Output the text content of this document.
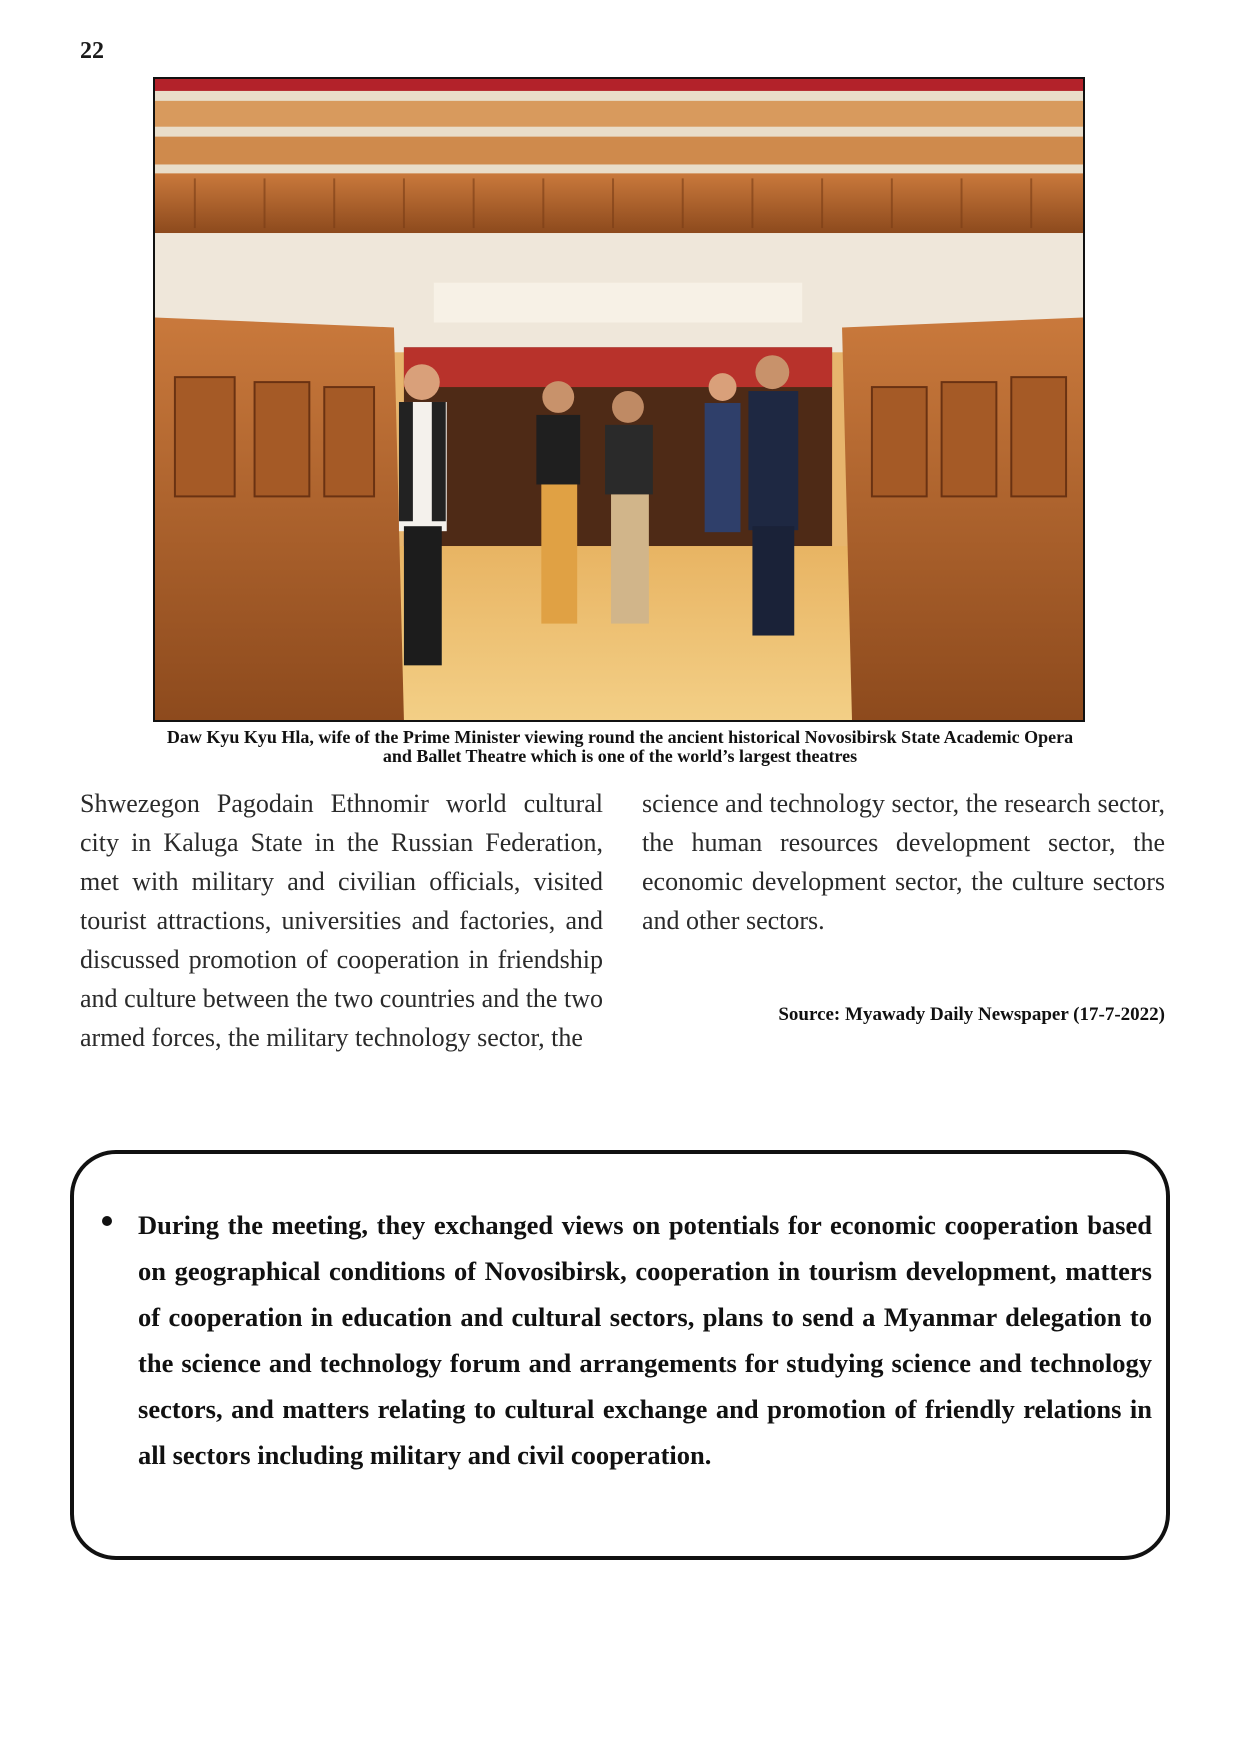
22
Daw Kyu Kyu Hla, wife of the Prime Minister viewing round the ancient historical Novosibirsk State Academic Opera
and Ballet Theatre which is one of the world’s largest theatres
Shwezegon Pagodain Ethnomir world cultural city in Kaluga State in the Russian Federation, met with military and civilian officials, visited tourist attractions, universities and factories, and discussed promotion of cooperation in friendship and culture between the two countries and the two armed forces, the military technology sector, the
science and technology sector, the research sector, the human resources development sector, the economic development sector, the culture sectors and other sectors.
Source: Myawady Daily Newspaper (17-7-2022)
During the meeting, they exchanged views on potentials for economic cooperation based on geographical conditions of Novosibirsk, cooperation in tourism development, matters of cooperation in education and cultural sectors, plans to send a Myanmar delegation to the science and technology forum and arrangements for studying science and technology sectors, and matters relating to cultural exchange and promotion of friendly relations in all sectors including military and civil cooperation.
